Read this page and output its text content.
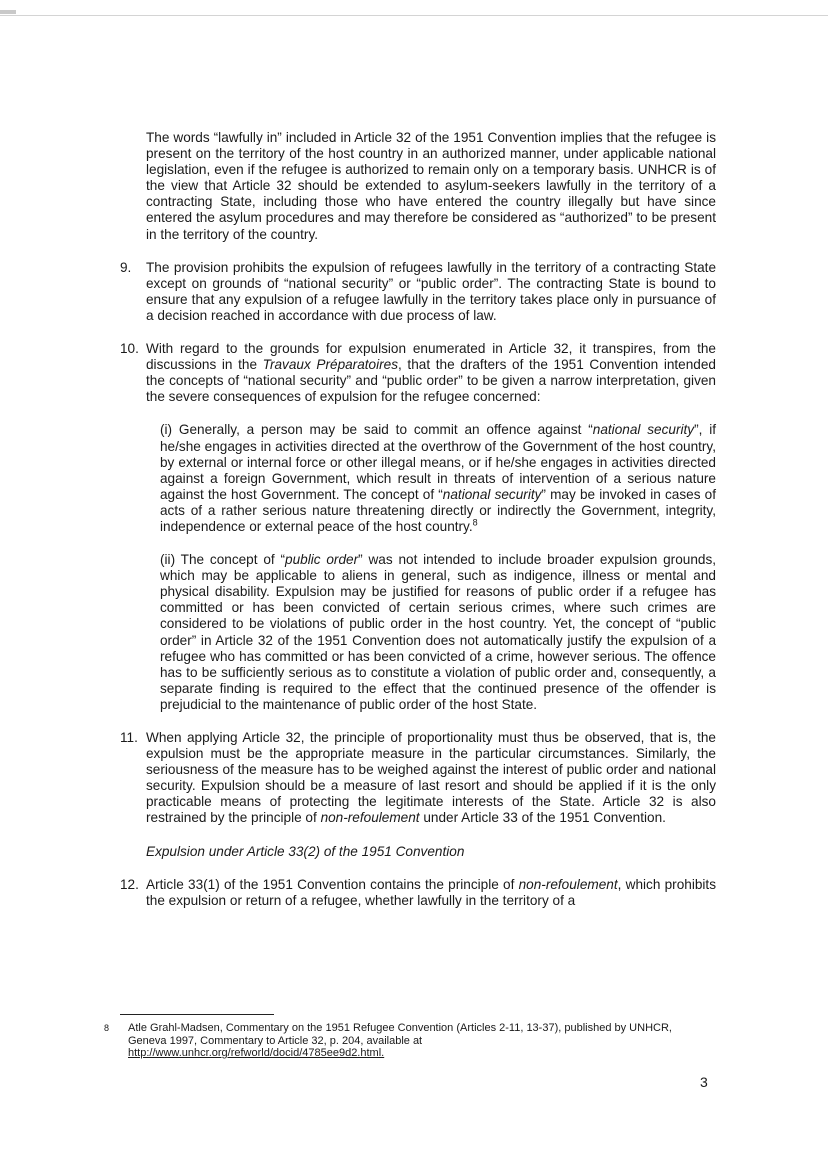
The words “lawfully in” included in Article 32 of the 1951 Convention implies that the refugee is present on the territory of the host country in an authorized manner, under applicable national legislation, even if the refugee is authorized to remain only on a temporary basis. UNHCR is of the view that Article 32 should be extended to asylum-seekers lawfully in the territory of a contracting State, including those who have entered the country illegally but have since entered the asylum procedures and may therefore be considered as “authorized” to be present in the territory of the country.

9.	The provision prohibits the expulsion of refugees lawfully in the territory of a contracting State except on grounds of “national security” or “public order”. The contracting State is bound to ensure that any expulsion of a refugee lawfully in the territory takes place only in pursuance of a decision reached in accordance with due process of law.
10. With regard to the grounds for expulsion enumerated in Article 32, it transpires, from the discussions in the Travaux Préparatoires, that the drafters of the 1951 Convention intended the concepts of “national security” and “public order” to be given a narrow interpretation, given the severe consequences of expulsion for the refugee concerned:

(i) Generally, a person may be said to commit an offence against “national security”, if he/she engages in activities directed at the overthrow of the Government of the host country, by external or internal force or other illegal means, or if he/she engages in activities directed against a foreign Government, which result in threats of intervention of a serious nature against the host Government. The concept of “national security” may be invoked in cases of acts of a rather serious nature threatening directly or indirectly the Government, integrity, independence or external peace of the host country.$^8$

(ii) The concept of “public order” was not intended to include broader expulsion grounds, which may be applicable to aliens in general, such as indigence, illness or mental and physical disability. Expulsion may be justified for reasons of public order if a refugee has committed or has been convicted of certain serious crimes, where such crimes are considered to be violations of public order in the host country. Yet, the concept of “public order” in Article 32 of the 1951 Convention does not automatically justify the expulsion of a refugee who has committed or has been convicted of a crime, however serious. The offence has to be sufficiently serious as to constitute a violation of public order and, consequently, a separate finding is required to the effect that the continued presence of the offender is prejudicial to the maintenance of public order of the host State.

11. When applying Article 32, the principle of proportionality must thus be observed, that is, the expulsion must be the appropriate measure in the particular circumstances. Similarly, the seriousness of the measure has to be weighed against the interest of public order and national security. Expulsion should be a measure of last resort and should be applied if it is the only practicable means of protecting the legitimate interests of the State. Article 32 is also restrained by the principle of non-refoulement under Article 33 of the 1951 Convention.

Expulsion under Article 33(2) of the 1951 Convention

12. Article 33(1) of the 1951 Convention contains the principle of non-refoulement, which prohibits the expulsion or return of a refugee, whether lawfully in the territory of a
8	Atle Grahl-Madsen, Commentary on the 1951 Refugee Convention (Articles 2-11, 13-37), published by UNHCR, Geneva 1997, Commentary to Article 32, p. 204, available at
http://www.unhcr.org/refworld/docid/4785ee9d2.html.
3
